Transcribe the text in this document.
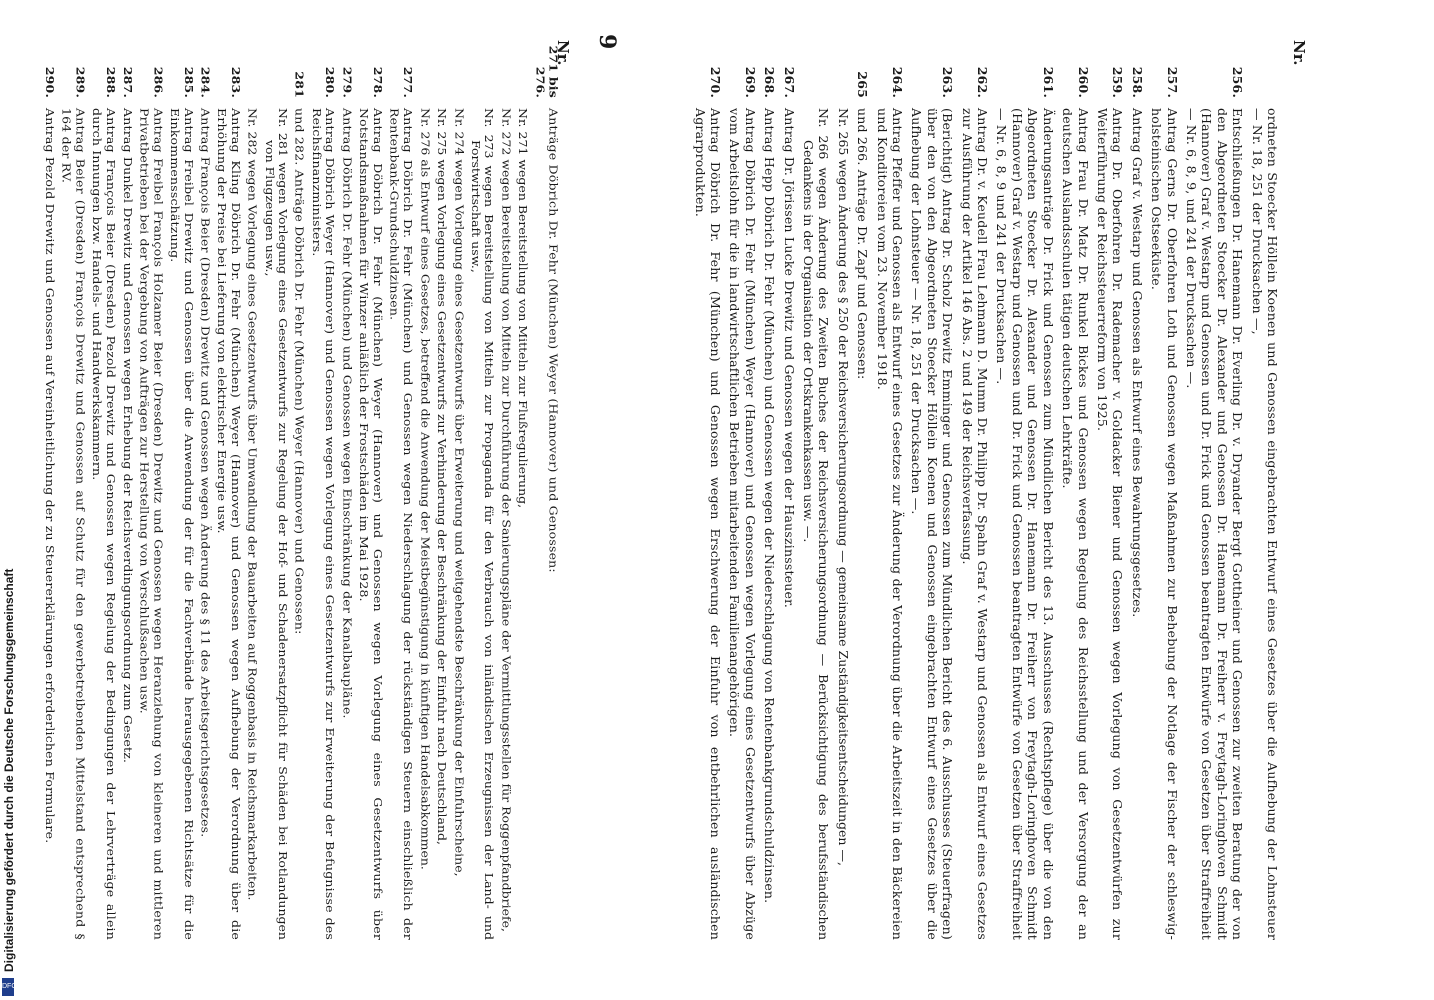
Nr.
9
Nr.
ordneten Stoecker Höllein Koenen und Genossen eingebrachten Entwurf eines Gesetzes über die Aufhebung der Lohnsteuer — Nr. 18, 251 der Drucksachen —,
256.
Entschließungen Dr. Hanemann Dr. Everling Dr. v. Dryander Bergt Gottheiner und Genossen zur zweiten Beratung der von den Abgeordneten Stoecker Dr. Alexander und Genossen Dr. Hanemann Dr. Freiherr v. Freytagh-Loringhoven Schmidt (Hannover) Graf v. Westarp und Genossen und Dr. Frick und Genossen beantragten Entwürfe von Gesetzen über Straffreiheit — Nr. 6, 8, 9, und 241 der Drucksachen —.
257.
Antrag Gerns Dr. Oberfohren Loth und Genossen wegen Maßnahmen zur Behebung der Notlage der Fischer der schleswig-holsteinischen Ostseeküste.
258.
Antrag Graf v. Westarp und Genossen als Entwurf eines Bewahrungsgesetzes.
259.
Antrag Dr. Oberfohren Dr. Rademacher v. Goldacker Biener und Genossen wegen Vorlegung von Gesetzentwürfen zur Weiterführung der Reichssteuerreform von 1925.
260.
Antrag Frau Dr. Matz Dr. Runkel Bickes und Genossen wegen Regelung des Reichsstellung und der Versorgung der an deutschen Auslandsschulen tätigen deutschen Lehrkräfte.
261.
Änderungsanträge Dr. Frick und Genossen zum Mündlichen Bericht des 13. Ausschusses (Rechtspflege) über die von den Abgeordneten Stoecker Dr. Alexander und Genossen Dr. Hanemann Dr. Freiherr von Freytagh-Loringhoven Schmidt (Hannover) Graf v. Westarp und Genossen und Dr. Frick und Genossen beantragten Entwürfe von Gesetzen über Straffreiheit — Nr. 6, 8, 9 und 241 der Drucksachen —.
262.
Antrag Dr. v. Keudell Frau Lehmann D. Mumm Dr. Philipp Dr. Spahn Graf v. Westarp und Genossen als Entwurf eines Gesetzes zur Ausführung der Artikel 146 Abs. 2 und 149 der Reichsverfassung.
263.
(Berichtigt) Antrag Dr. Scholz Drewitz Emminger und Genossen zum Mündlichen Bericht des 6. Ausschusses (Steuerfragen) über den von den Abgeordneten Stoecker Höllein Koenen und Genossen eingebrachten Entwurf eines Gesetzes über die Aufhebung der Lohnsteuer — Nr. 18, 251 der Drucksachen —.
264.
Antrag Pfeffer und Genossen als Entwurf eines Gesetzes zur Änderung der Verordnung über die Arbeitszeit in den Bäckereien und Konditoreien vom 23. November 1918.
265
und 266. Anträge Dr. Zapf und Genossen:
Nr. 265 wegen Änderung des § 250 der Reichsversicherungsordnung — gemeinsame Zuständigkeitsentscheidungen —,
Nr. 266 wegen Änderung des Zweiten Buches der Reichsversicherungsordnung — Berücksichtigung des berufsständischen Gedankens in der Organisation der Ortskrankenkassen usw. —.
267.
Antrag Dr. Jörissen Lucke Drewitz und Genossen wegen der Hauszinssteuer.
268.
Antrag Hepp Döbrich Dr. Fehr (München) und Genossen wegen der Niederschlagung von Rentenbankgrundschuldzinsen.
269.
Antrag Döbrich Dr. Fehr (München) Weyer (Hannover) und Genossen wegen Vorlegung eines Gesetzentwurfs über Abzüge vom Arbeitslohn für die in landwirtschaftlichen Betrieben mitarbeitenden Familienangehörigen.
270.
Antrag Döbrich Dr. Fehr (München) und Genossen wegen Erschwerung der Einfuhr von entbehrlichen ausländischen Agrarprodukten.
271 bis 276.
Anträge Döbrich Dr. Fehr (München) Weyer (Hannover) und Genossen:
Nr. 271 wegen Bereitstellung von Mitteln zur Flußregulierung,
Nr. 272 wegen Bereitstellung von Mitteln zur Durchführung der Sanierungspläne der Vermittlungsstellen für Roggenpfandbriefe,
Nr. 273 wegen Bereitstellung von Mitteln zur Propaganda für den Verbrauch von inländischen Erzeugnissen der Land- und Forstwirtschaft usw.,
Nr. 274 wegen Vorlegung eines Gesetzentwurfs über Erweiterung und weitgehendste Beschränkung der Einfuhrscheine,
Nr. 275 wegen Vorlegung eines Gesetzentwurfs zur Verhinderung der Beschränkung der Einfuhr nach Deutschland,
Nr. 276 als Entwurf eines Gesetzes, betreffend die Anwendung der Meistbegünstigung in künftigen Handelsabkommen.
277.
Antrag Döbrich Dr. Fehr (München) und Genossen wegen Niederschlagung der rückständigen Steuern einschließlich der Rentenbank-Grundschuldzinsen.
278.
Antrag Döbrich Dr. Fehr (München) Weyer (Hannover) und Genossen wegen Vorlegung eines Gesetzentwurfs über Notstandsmaßnahmen für Winzer anläßlich der Frostschäden im Mai 1928.
279.
Antrag Döbrich Dr. Fehr (München) und Genossen wegen Einschränkung der Kanalbaupläne.
280.
Antrag Döbrich Weyer (Hannover) und Genossen wegen Vorlegung eines Gesetzentwurfs zur Erweiterung der Befugnisse des Reichsfinanzministers.
281
und 282. Anträge Döbrich Dr. Fehr (München) Weyer (Hannover) und Genossen:
Nr. 281 wegen Vorlegung eines Gesetzentwurfs zur Regelung der Hof- und Schadenersatzpflicht für Schäden bei Rotlandungen von Flugzeugen usw.,
Nr. 282 wegen Vorlegung eines Gesetzentwurfs über Umwandlung der Bauarbeiten auf Roggenbasis in Reichsmarkarbeiten.
283.
Antrag Kling Döbrich Dr. Fehr (München) Weyer (Hannover) und Genossen wegen Aufhebung der Verordnung über die Erhöhung der Preise bei Lieferung von elektrischer Energie usw.
284.
Antrag François Beier (Dresden) Drewitz und Genossen wegen Änderung des § 11 des Arbeitsgerichtsgesetzes.
285.
Antrag Freibel Drewitz und Genossen über die Anwendung der für die Fachverbände herausgegebenen Richtsätze für die Einkommensschätzung.
286.
Antrag Freibel François Holzamer Beier (Dresden) Drewitz und Genossen wegen Heranziehung von kleineren und mittleren Privatbetrieben bei der Vergebung von Aufträgen zur Herstellung von Verschlußsachen usw.
287.
Antrag Dunkel Drewitz und Genossen wegen Erhebung der Reichsverdingungsordnung zum Gesetz.
288.
Antrag François Beier (Dresden) Pezold Drewitz und Genossen wegen Regelung der Bedingungen der Lehrverträge allein durch Innungen bzw. Handels- und Handwerkskammern.
289.
Antrag Beier (Dresden) François Drewitz und Genossen auf Schutz für den gewerbetreibenden Mittelstand entsprechend § 164 der RV.
290.
Antrag Pezold Drewitz und Genossen auf Vereinheitlichung der zu Steuererklärungen erforderlichen Formulare.
DFG
Digitalisierung gefördert durch die Deutsche Forschungsgemeinschaft
